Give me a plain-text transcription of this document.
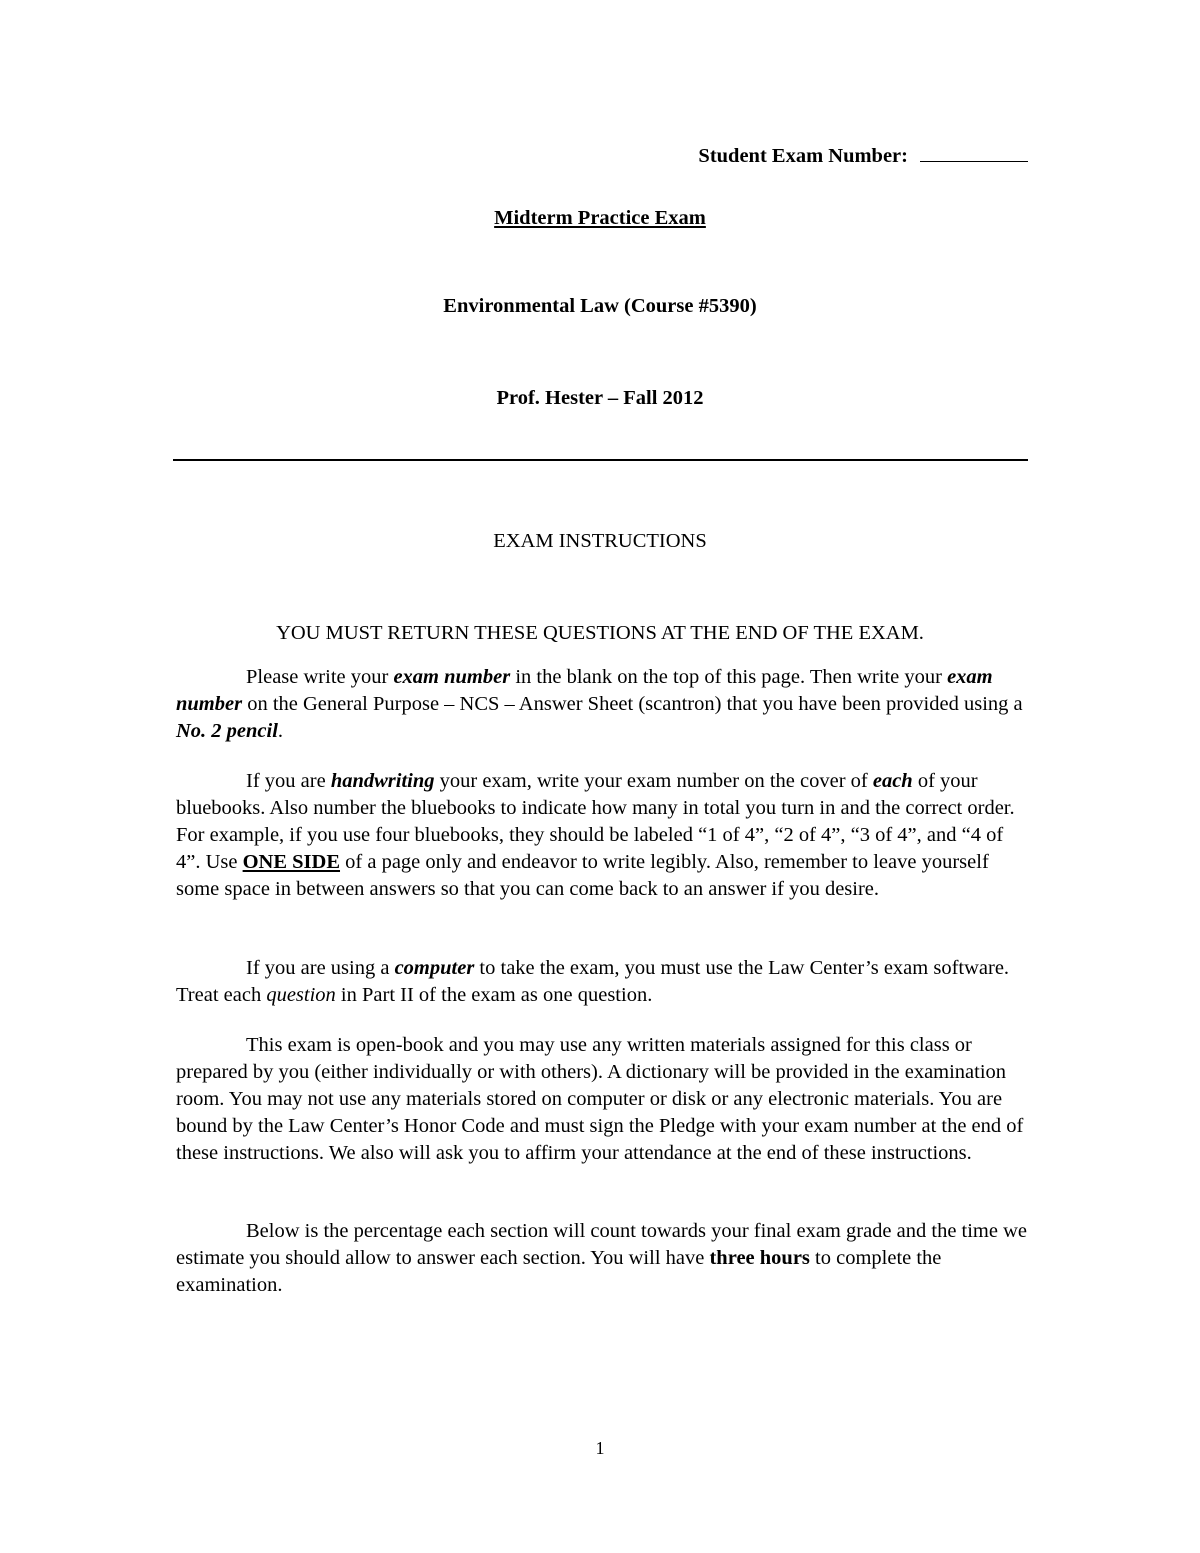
Student Exam Number:
Midterm Practice Exam
Environmental Law (Course #5390)
Prof. Hester – Fall 2012
EXAM INSTRUCTIONS
YOU MUST RETURN THESE QUESTIONS AT THE END OF THE EXAM.

Please write your exam number in the blank on the top of this page. Then write your exam number on the General Purpose – NCS – Answer Sheet (scantron) that you have been provided using a No. 2 pencil.

If you are handwriting your exam, write your exam number on the cover of each of your bluebooks. Also number the bluebooks to indicate how many in total you turn in and the correct order. For example, if you use four bluebooks, they should be labeled “1 of 4”, “2 of 4”, “3 of 4”, and “4 of 4”. Use ONE SIDE of a page only and endeavor to write legibly. Also, remember to leave yourself some space in between answers so that you can come back to an answer if you desire.

If you are using a computer to take the exam, you must use the Law Center’s exam software. Treat each question in Part II of the exam as one question.

This exam is open-book and you may use any written materials assigned for this class or prepared by you (either individually or with others). A dictionary will be provided in the examination room. You may not use any materials stored on computer or disk or any electronic materials. You are bound by the Law Center’s Honor Code and must sign the Pledge with your exam number at the end of these instructions. We also will ask you to affirm your attendance at the end of these instructions.

Below is the percentage each section will count towards your final exam grade and the time we estimate you should allow to answer each section. You will have three hours to complete the examination.

1
